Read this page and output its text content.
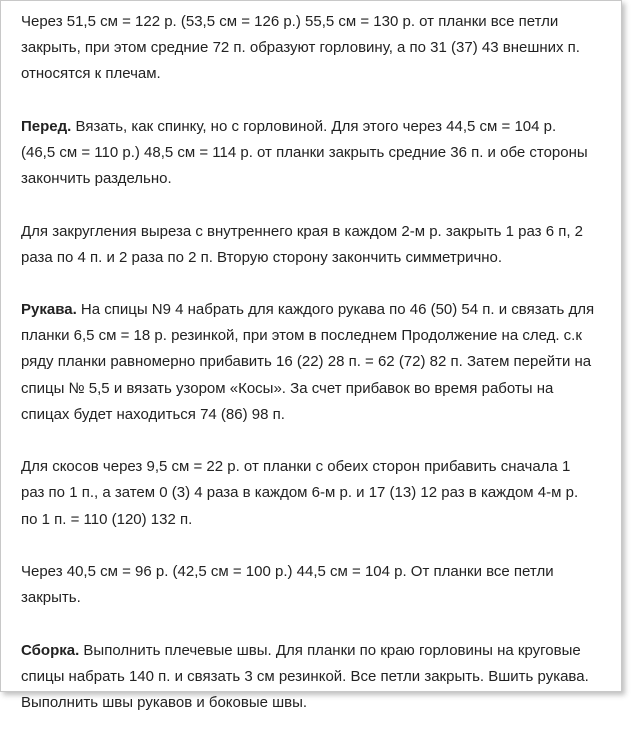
Через 51,5 см = 122 р. (53,5 см = 126 р.) 55,5 см = 130 р. от планки все петли
закрыть, при этом средние 72 п. образуют горловину, а по 31 (37) 43 внешних п.
относятся к плечам.
Перед. Вязать, как спинку, но с горловиной. Для этого через 44,5 см = 104 р.
(46,5 см = 110 р.) 48,5 см = 114 р. от планки закрыть средние 36 п. и обе стороны
закончить раздельно.
Для закругления выреза с внутреннего края в каждом 2-м р. закрыть 1 раз 6 п, 2
раза по 4 п. и 2 раза по 2 п. Вторую сторону закончить симметрично.
Рукава. На спицы N9 4 набрать для каждого рукава по 46 (50) 54 п. и связать для
планки 6,5 см = 18 р. резинкой, при этом в последнем Продолжение на след. с.к
ряду планки равномерно прибавить 16 (22) 28 п. = 62 (72) 82 п. Затем перейти на
спицы № 5,5 и вязать узором «Косы». За счет прибавок во время работы на
спицах будет находиться 74 (86) 98 п.
Для скосов через 9,5 см = 22 р. от планки с обеих сторон прибавить сначала 1
раз по 1 п., а затем 0 (3) 4 раза в каждом 6-м р. и 17 (13) 12 раз в каждом 4-м р.
по 1 п. = 110 (120) 132 п.
Через 40,5 см = 96 р. (42,5 см = 100 р.) 44,5 см = 104 р. От планки все петли
закрыть.
Сборка. Выполнить плечевые швы. Для планки по краю горловины на круговые
спицы набрать 140 п. и связать 3 см резинкой. Все петли закрыть. Вшить рукава.
Выполнить швы рукавов и боковые швы.
